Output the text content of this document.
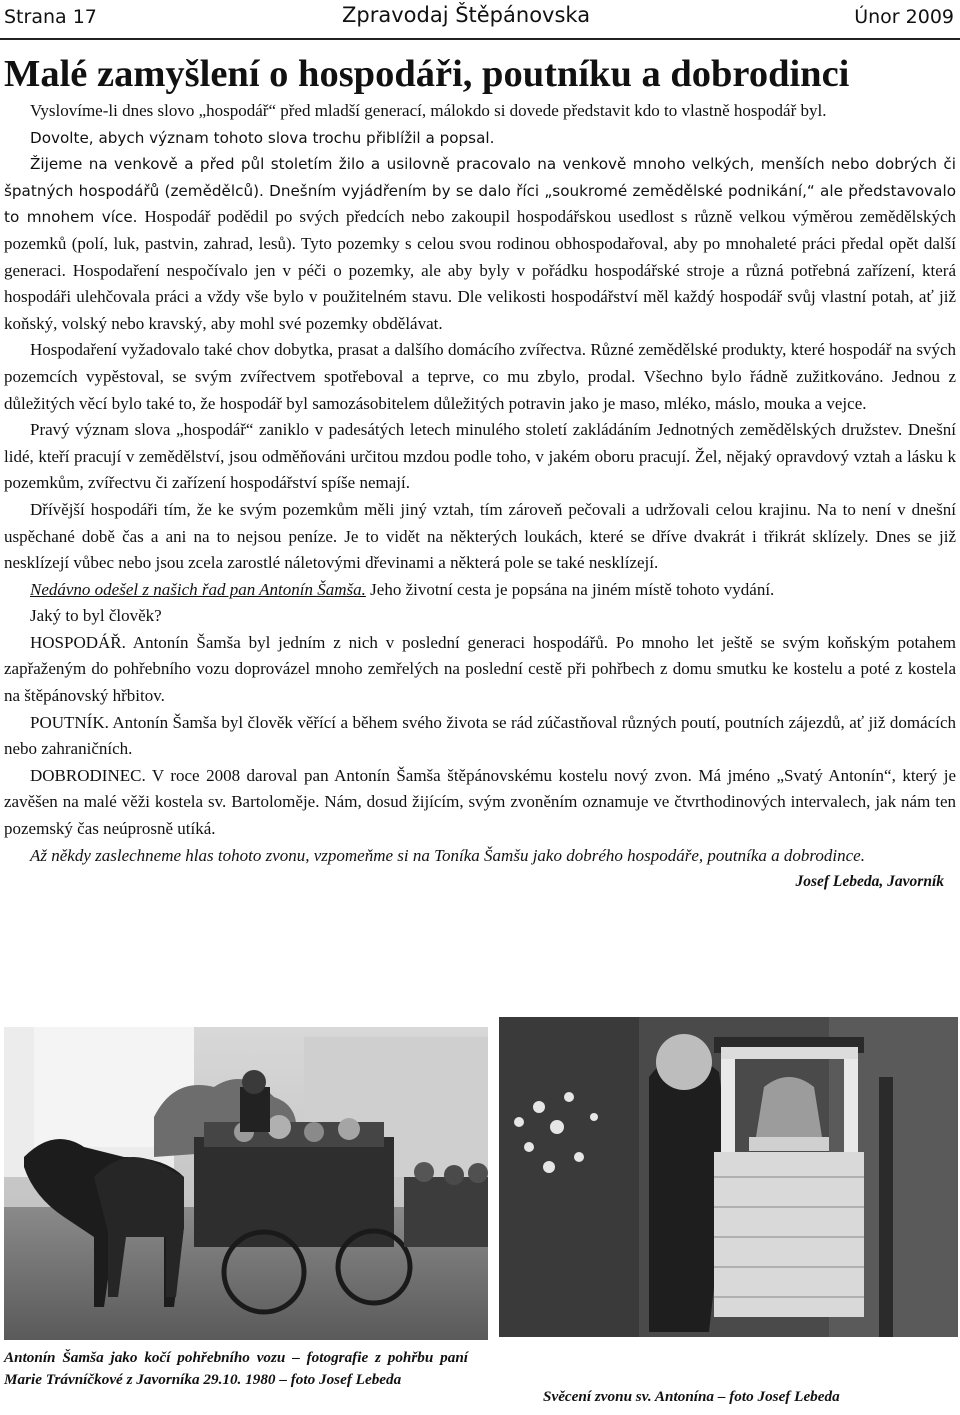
Strana 17	Zpravodaj Štěpánovska	Únor 2009
Malé zamyšlení o hospodáři, poutníku a dobrodinci

Vyslovíme-li dnes slovo „hospodář“ před mladší generací, málokdo si dovede představit kdo to vlastně hospodář byl.

Dovolte, abych význam tohoto slova trochu přiblížil a popsal.

Žijeme na venkově a před půl stoletím žilo a usilovně pracovalo na venkově mnoho velkých, menších nebo dobrých či špatných hospodářů (zemědělců). Dnešním vyjádřením by se dalo říci „soukromé zemědělské podnikání,“ ale představovalo to mnohem více. Hospodář podědil po svých předcích nebo zakoupil hospodářskou usedlost s různě velkou výměrou zemědělských pozemků (polí, luk, pastvin, zahrad, lesů). Tyto pozemky s celou svou rodinou obhospodařoval, aby po mnohaleté práci předal opět další generaci. Hospodaření nespočívalo jen v péči o pozemky, ale aby byly v pořádku hospodářské stroje a různá potřebná zařízení, která hospodáři ulehčovala práci a vždy vše bylo v použitelném stavu. Dle velikosti hospodářství měl každý hospodář svůj vlastní potah, ať již koňský, volský nebo kravský, aby mohl své pozemky obdělávat.

Hospodaření vyžadovalo také chov dobytka, prasat a dalšího domácího zvířectva. Různé zemědělské produkty, které hospodář na svých pozemcích vypěstoval, se svým zvířectvem spotřeboval a teprve, co mu zbylo, prodal. Všechno bylo řádně zužitkováno. Jednou z důležitých věcí bylo také to, že hospodář byl samozásobitelem důležitých potravin jako je maso, mléko, máslo, mouka a vejce.

Pravý význam slova „hospodář“ zaniklo v padesátých letech minulého století zakládáním Jednotných zemědělských družstev. Dnešní lidé, kteří pracují v zemědělství, jsou odměňováni určitou mzdou podle toho, v jakém oboru pracují. Žel, nějaký opravdový vztah a lásku k pozemkům, zvířectvu či zařízení hospodářství spíše nemají.

Dřívější hospodáři tím, že ke svým pozemkům měli jiný vztah, tím zároveň pečovali a udržovali celou krajinu. Na to není v dnešní uspěchané době čas a ani na to nejsou peníze. Je to vidět na některých loukách, které se dříve dvakrát i třikrát sklízely. Dnes se již nesklízejí vůbec nebo jsou zcela zarostlé náletovými dřevinami a některá pole se také nesklízejí.

Nedávno odešel z našich řad pan Antonín Šamša. Jeho životní cesta je popsána na jiném místě tohoto vydání.

Jaký to byl člověk?

HOSPODÁŘ. Antonín Šamša byl jedním z nich v poslední generaci hospodářů. Po mnoho let ještě se svým koňským potahem zapřaženým do pohřebního vozu doprovázel mnoho zemřelých na poslední cestě při pohřbech z domu smutku ke kostelu a poté z kostela na štěpánovský hřbitov.

POUTNÍK. Antonín Šamša byl člověk věřící a během svého života se rád zúčastňoval různých poutí, poutních zájezdů, ať již domácích nebo zahraničních.

DOBRODINEC. V roce 2008 daroval pan Antonín Šamša štěpánovskému kostelu nový zvon. Má jméno „Svatý Antonín“, který je zavěšen na malé věži kostela sv. Bartoloměje. Nám, dosud žijícím, svým zvoněním oznamuje ve čtvrthodinových intervalech, jak nám ten pozemský čas neúprosně utíká.

Až někdy zaslechneme hlas tohoto zvonu, vzpomeňme si na Toníka Šamšu jako dobrého hospodáře, poutníka a dobrodince.
Josef Lebeda, Javorník

Antonín Šamša jako kočí pohřebního vozu – fotografie z pohřbu paní Marie Trávníčkové z Javorníka 29.10. 1980 – foto Josef Lebeda
Svěcení zvonu sv. Antonína – foto Josef Lebeda
